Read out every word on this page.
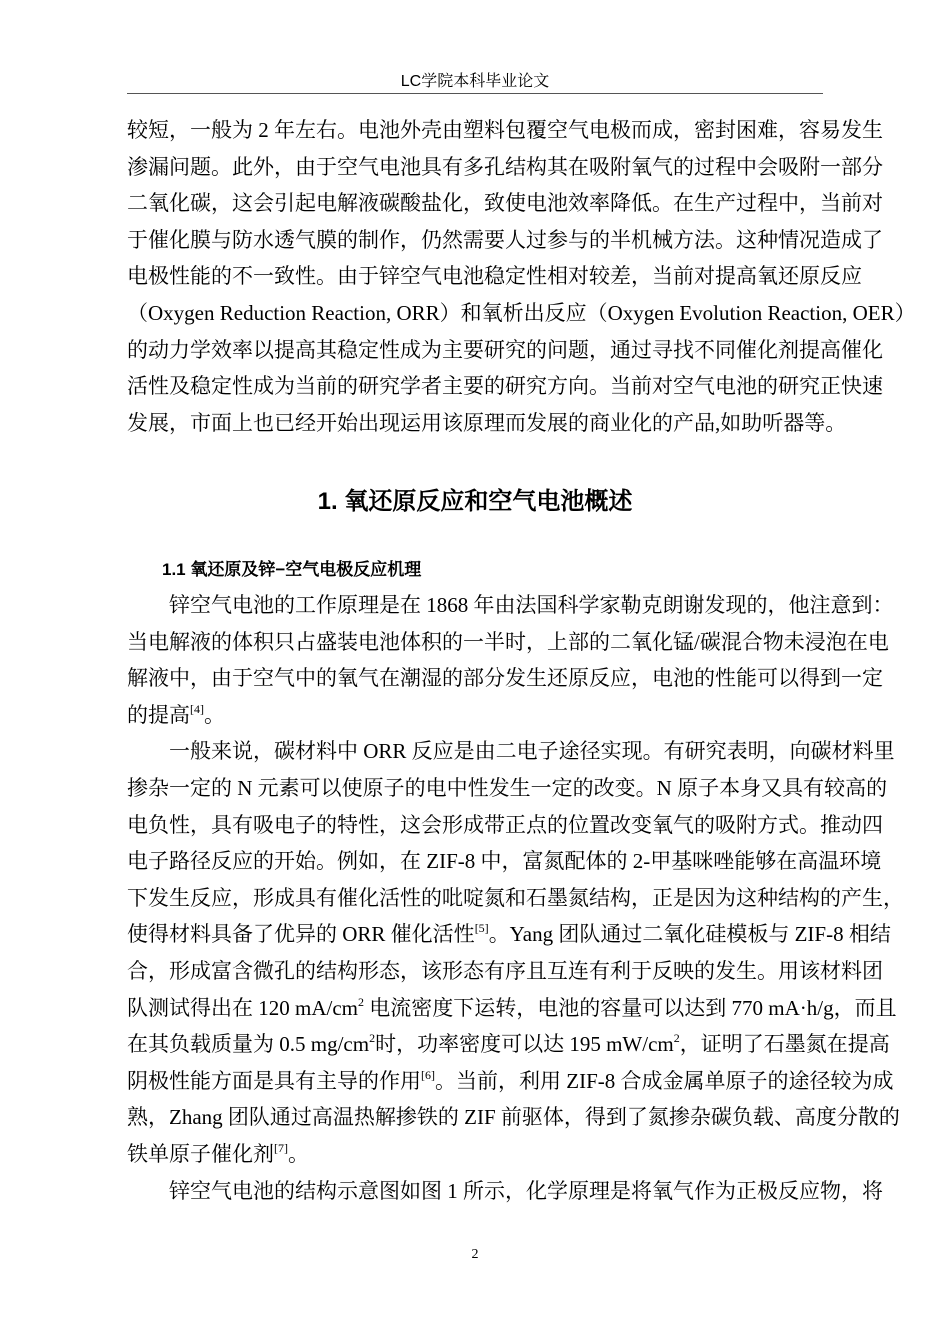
LC学院本科毕业论文
较短，一般为 2 年左右。电池外壳由塑料包覆空气电极而成，密封困难，容易发生
渗漏问题。此外，由于空气电池具有多孔结构其在吸附氧气的过程中会吸附一部分
二氧化碳，这会引起电解液碳酸盐化，致使电池效率降低。在生产过程中，当前对
于催化膜与防水透气膜的制作，仍然需要人过参与的半机械方法。这种情况造成了
电极性能的不一致性。由于锌空气电池稳定性相对较差，当前对提高氧还原反应
（Oxygen Reduction Reaction, ORR）和氧析出反应（Oxygen Evolution Reaction, OER）
的动力学效率以提高其稳定性成为主要研究的问题，通过寻找不同催化剂提高催化
活性及稳定性成为当前的研究学者主要的研究方向。当前对空气电池的研究正快速
发展，市面上也已经开始出现运用该原理而发展的商业化的产品,如助听器等。
1. 氧还原反应和空气电池概述
1.1 氧还原及锌−空气电极反应机理
锌空气电池的工作原理是在 1868 年由法国科学家勒克朗谢发现的，他注意到：
当电解液的体积只占盛装电池体积的一半时，上部的二氧化锰/碳混合物未浸泡在电
解液中，由于空气中的氧气在潮湿的部分发生还原反应，电池的性能可以得到一定
的提高[4]。
一般来说，碳材料中 ORR 反应是由二电子途径实现。有研究表明，向碳材料里
掺杂一定的 N 元素可以使原子的电中性发生一定的改变。N 原子本身又具有较高的
电负性，具有吸电子的特性，这会形成带正点的位置改变氧气的吸附方式。推动四
电子路径反应的开始。例如，在 ZIF-8 中，富氮配体的 2-甲基咪唑能够在高温环境
下发生反应，形成具有催化活性的吡啶氮和石墨氮结构，正是因为这种结构的产生，
使得材料具备了优异的 ORR 催化活性[5]。Yang 团队通过二氧化硅模板与 ZIF-8 相结
合，形成富含微孔的结构形态，该形态有序且互连有利于反映的发生。用该材料团
队测试得出在 120 $mA/cm^2$ 电流密度下运转，电池的容量可以达到 770 mA·h/g，而且
在其负载质量为 0.5 $mg/cm^2$时，功率密度可以达 195 $mW/cm^2$，证明了石墨氮在提高
阴极性能方面是具有主导的作用[6]。当前，利用 ZIF-8 合成金属单原子的途径较为成
熟，Zhang 团队通过高温热解掺铁的 ZIF 前驱体，得到了氮掺杂碳负载、高度分散的
铁单原子催化剂[7]。
锌空气电池的结构示意图如图 1 所示，化学原理是将氧气作为正极反应物，将
2
